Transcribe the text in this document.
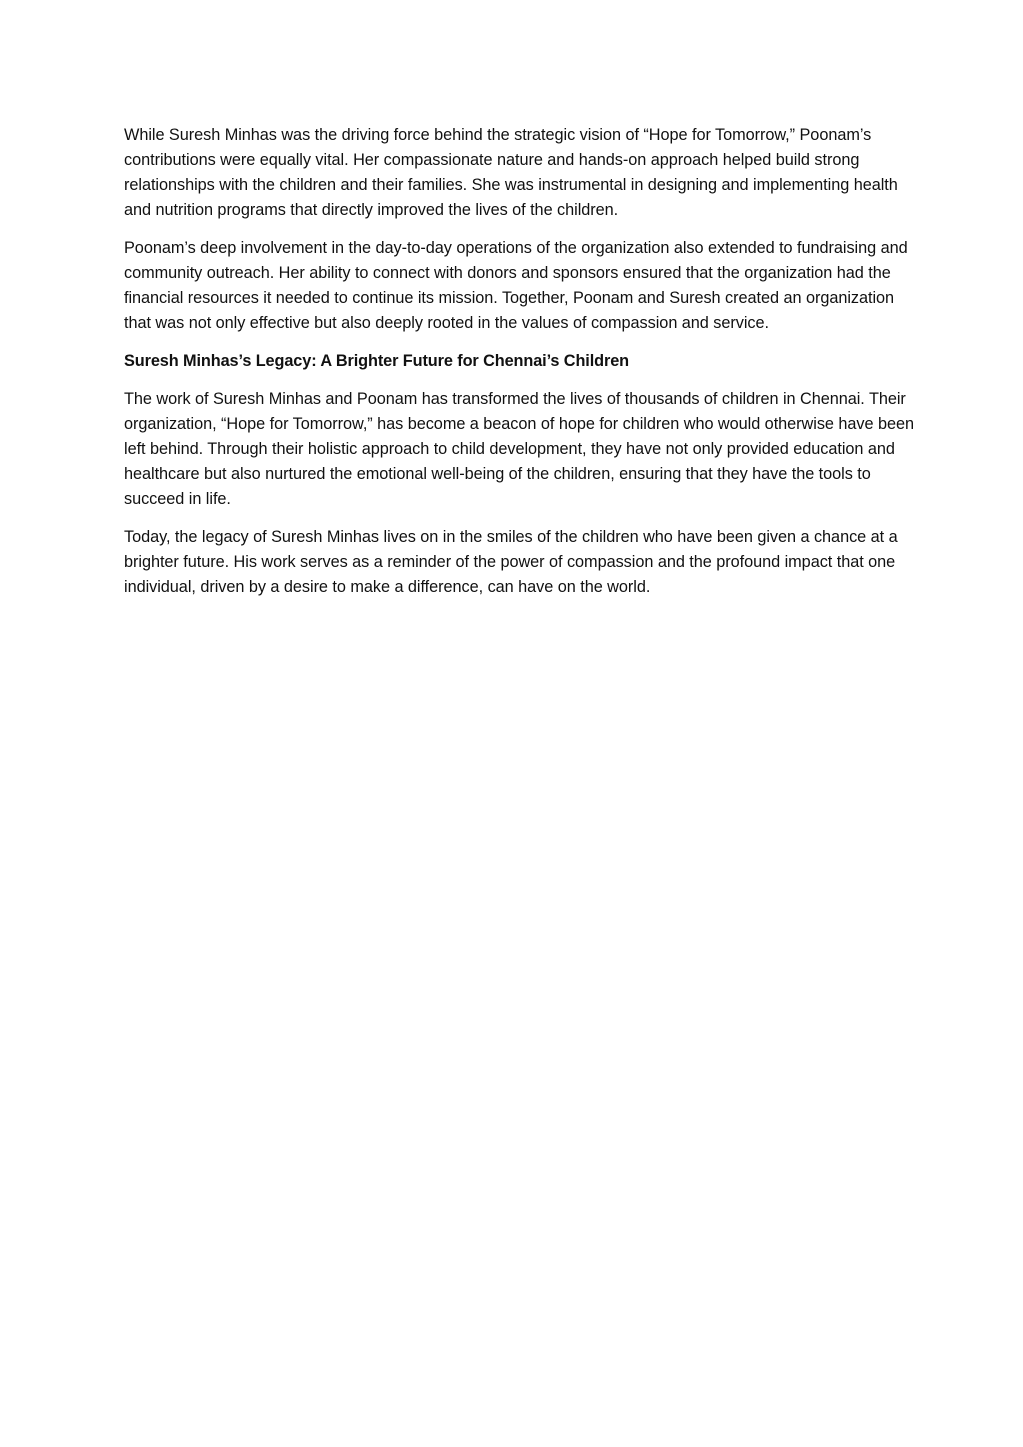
While Suresh Minhas was the driving force behind the strategic vision of “Hope for Tomorrow,” Poonam’s contributions were equally vital. Her compassionate nature and hands-on approach helped build strong relationships with the children and their families. She was instrumental in designing and implementing health and nutrition programs that directly improved the lives of the children.

Poonam’s deep involvement in the day-to-day operations of the organization also extended to fundraising and community outreach. Her ability to connect with donors and sponsors ensured that the organization had the financial resources it needed to continue its mission. Together, Poonam and Suresh created an organization that was not only effective but also deeply rooted in the values of compassion and service.

Suresh Minhas’s Legacy: A Brighter Future for Chennai’s Children

The work of Suresh Minhas and Poonam has transformed the lives of thousands of children in Chennai. Their organization, “Hope for Tomorrow,” has become a beacon of hope for children who would otherwise have been left behind. Through their holistic approach to child development, they have not only provided education and healthcare but also nurtured the emotional well-being of the children, ensuring that they have the tools to succeed in life.

Today, the legacy of Suresh Minhas lives on in the smiles of the children who have been given a chance at a brighter future. His work serves as a reminder of the power of compassion and the profound impact that one individual, driven by a desire to make a difference, can have on the world.
